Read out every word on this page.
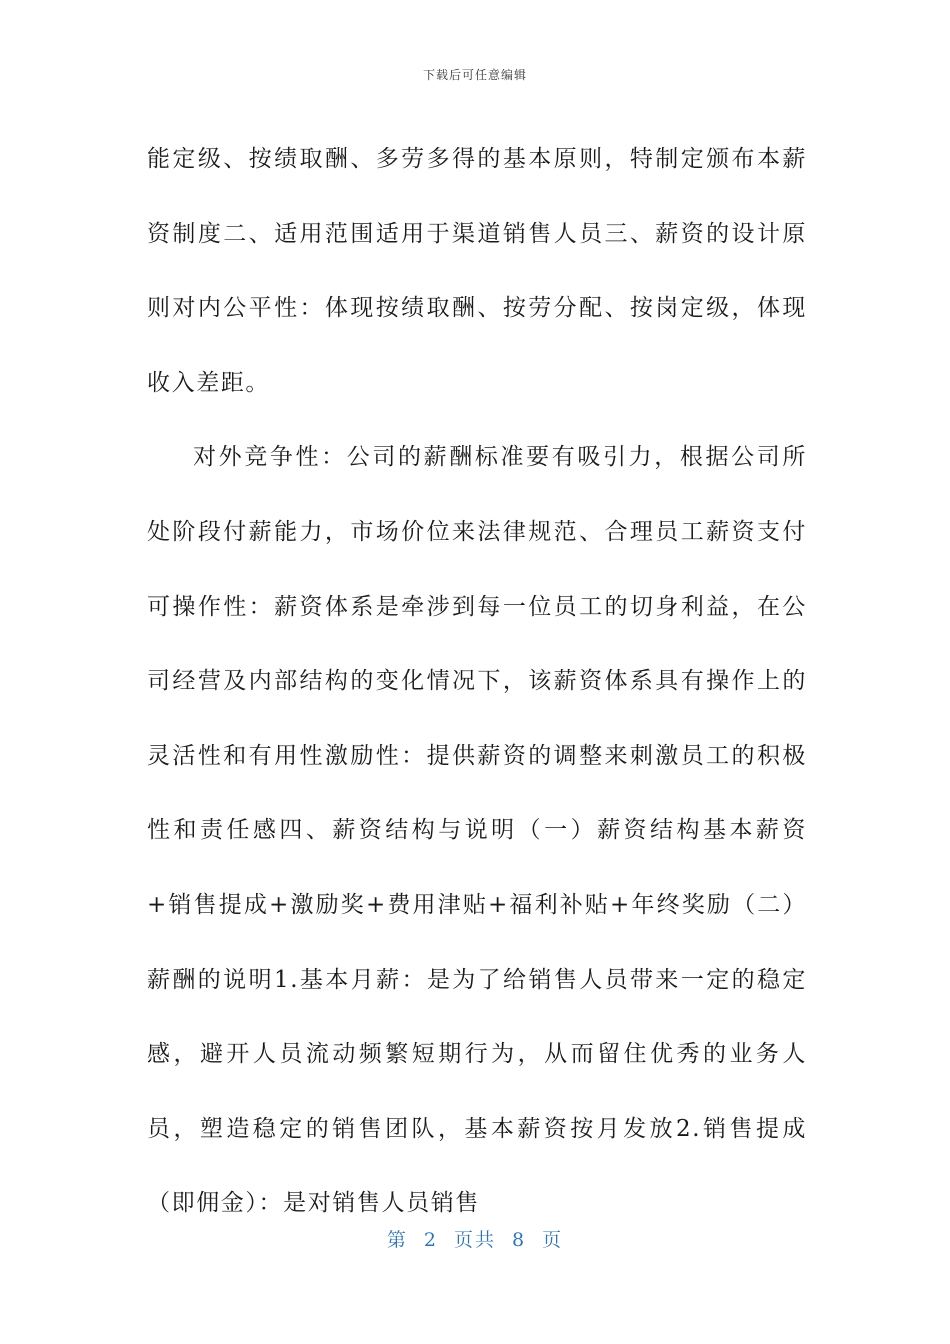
下载后可任意编辑

能定级、按绩取酬、多劳多得的基本原则，特制定颁布本薪资制度二、适用范围适用于渠道销售人员三、薪资的设计原则对内公平性：体现按绩取酬、按劳分配、按岗定级，体现收入差距。

对外竞争性：公司的薪酬标准要有吸引力，根据公司所处阶段付薪能力，市场价位来法律规范、合理员工薪资支付可操作性：薪资体系是牵涉到每一位员工的切身利益，在公司经营及内部结构的变化情况下，该薪资体系具有操作上的灵活性和有用性激励性：提供薪资的调整来刺激员工的积极性和责任感四、薪资结构与说明（一）薪资结构基本薪资+销售提成+激励奖+费用津贴+福利补贴+年终奖励（二）薪酬的说明1.基本月薪：是为了给销售人员带来一定的稳定感，避开人员流动频繁短期行为，从而留住优秀的业务人员，塑造稳定的销售团队，基本薪资按月发放2.销售提成（即佣金）：是对销售人员销售

第 2 页共 8 页
